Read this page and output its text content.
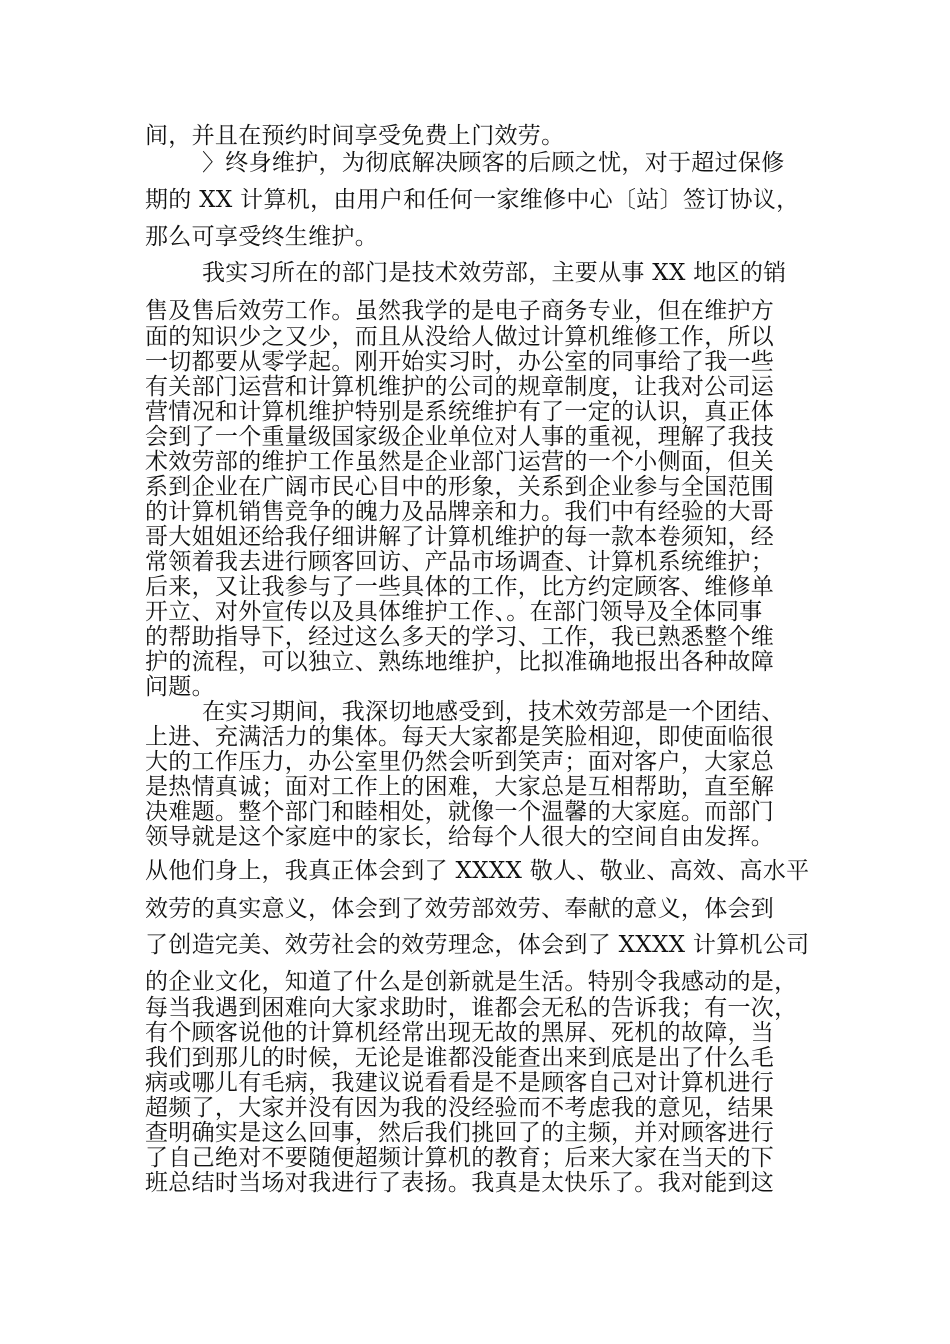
间，并且在预约时间享受免费上门效劳。
〉终身维护，为彻底解决顾客的后顾之忧，对于超过保修
期的 XX 计算机，由用户和任何一家维修中心〔站〕签订协议，
那么可享受终生维护。
我实习所在的部门是技术效劳部，主要从事 XX 地区的销
售及售后效劳工作。虽然我学的是电子商务专业，但在维护方
面的知识少之又少，而且从没给人做过计算机维修工作，所以
一切都要从零学起。刚开始实习时，办公室的同事给了我一些
有关部门运营和计算机维护的公司的规章制度，让我对公司运
营情况和计算机维护特别是系统维护有了一定的认识，真正体
会到了一个重量级国家级企业单位对人事的重视，理解了我技
术效劳部的维护工作虽然是企业部门运营的一个小侧面，但关
系到企业在广阔市民心目中的形象，关系到企业参与全国范围
的计算机销售竞争的魄力及品牌亲和力。我们中有经验的大哥
哥大姐姐还给我仔细讲解了计算机维护的每一款本卷须知，经
常领着我去进行顾客回访、产品市场调查、计算机系统维护；
后来，又让我参与了一些具体的工作，比方约定顾客、维修单
开立、对外宣传以及具体维护工作、。在部门领导及全体同事
的帮助指导下，经过这么多天的学习、工作，我已熟悉整个维
护的流程，可以独立、熟练地维护，比拟准确地报出各种故障
问题。
在实习期间，我深切地感受到，技术效劳部是一个团结、
上进、充满活力的集体。每天大家都是笑脸相迎，即使面临很
大的工作压力，办公室里仍然会听到笑声；面对客户，大家总
是热情真诚；面对工作上的困难，大家总是互相帮助，直至解
决难题。整个部门和睦相处，就像一个温馨的大家庭。而部门
领导就是这个家庭中的家长，给每个人很大的空间自由发挥。
从他们身上，我真正体会到了 XXXX 敬人、敬业、高效、高水平
效劳的真实意义，体会到了效劳部效劳、奉献的意义，体会到
了创造完美、效劳社会的效劳理念，体会到了 XXXX 计算机公司
的企业文化，知道了什么是创新就是生活。特别令我感动的是，
每当我遇到困难向大家求助时，谁都会无私的告诉我；有一次，
有个顾客说他的计算机经常出现无故的黑屏、死机的故障，当
我们到那儿的时候，无论是谁都没能查出来到底是出了什么毛
病或哪儿有毛病，我建议说看看是不是顾客自己对计算机进行
超频了，大家并没有因为我的没经验而不考虑我的意见，结果
查明确实是这么回事，然后我们挑回了的主频，并对顾客进行
了自己绝对不要随便超频计算机的教育；后来大家在当天的下
班总结时当场对我进行了表扬。我真是太快乐了。我对能到这
